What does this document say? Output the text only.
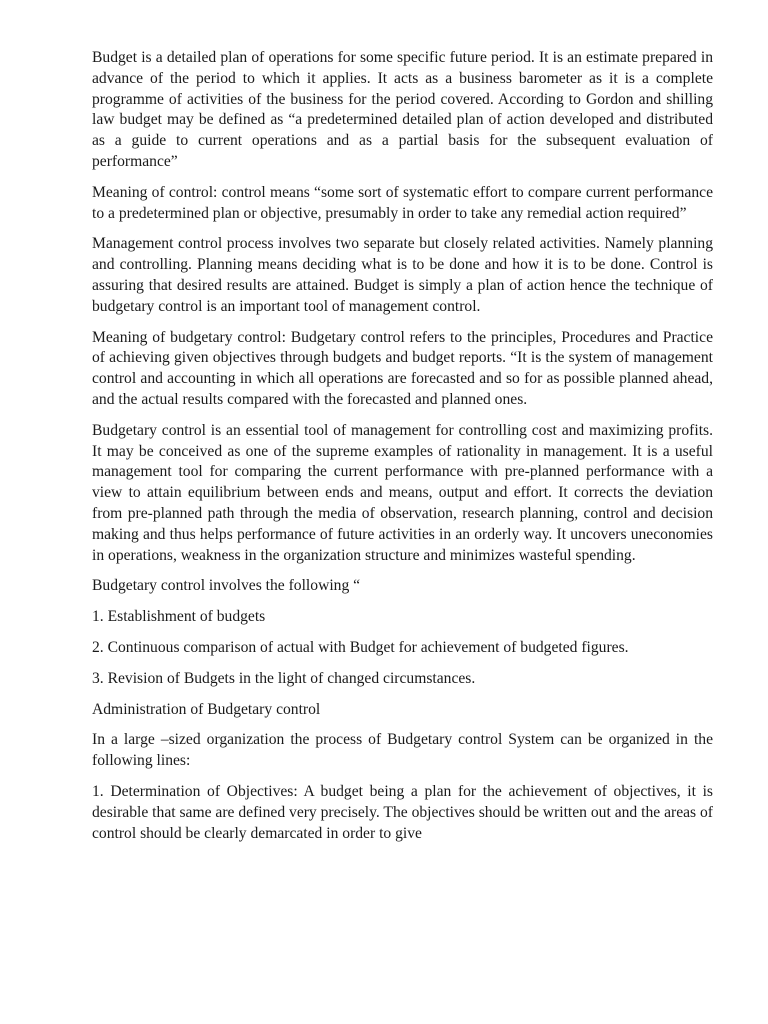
Budget is a detailed plan of operations for some specific future period. It is an estimate prepared in advance of the period to which it applies. It acts as a business barometer as it is a complete programme of activities of the business for the period covered. According to Gordon and shilling law budget may be defined as “a predetermined detailed plan of action developed and distributed as a guide to current operations and as a partial basis for the subsequent evaluation of performance”

Meaning of control: control means “some sort of systematic effort to compare current performance to a predetermined plan or objective, presumably in order to take any remedial action required”

Management control process involves two separate but closely related activities. Namely planning and controlling. Planning means deciding what is to be done and how it is to be done. Control is assuring that desired results are attained. Budget is simply a plan of action hence the technique of budgetary control is an important tool of management control.

Meaning of budgetary control: Budgetary control refers to the principles, Procedures and Practice of achieving given objectives through budgets and budget reports. “It is the system of management control and accounting in which all operations are forecasted and so for as possible planned ahead, and the actual results compared with the forecasted and planned ones.

Budgetary control is an essential tool of management for controlling cost and maximizing profits. It may be conceived as one of the supreme examples of rationality in management. It is a useful management tool for comparing the current performance with pre-planned performance with a view to attain equilibrium between ends and means, output and effort. It corrects the deviation from pre-planned path through the media of observation, research planning, control and decision making and thus helps performance of future activities in an orderly way. It uncovers uneconomies in operations, weakness in the organization structure and minimizes wasteful spending.

Budgetary control involves the following “

1. Establishment of budgets

2. Continuous comparison of actual with Budget for achievement of budgeted figures.

3. Revision of Budgets in the light of changed circumstances.

Administration of Budgetary control

In a large –sized organization the process of Budgetary control System can be organized in the following lines:

1. Determination of Objectives: A budget being a plan for the achievement of objectives, it is desirable that same are defined very precisely. The objectives should be written out and the areas of control should be clearly demarcated in order to give
